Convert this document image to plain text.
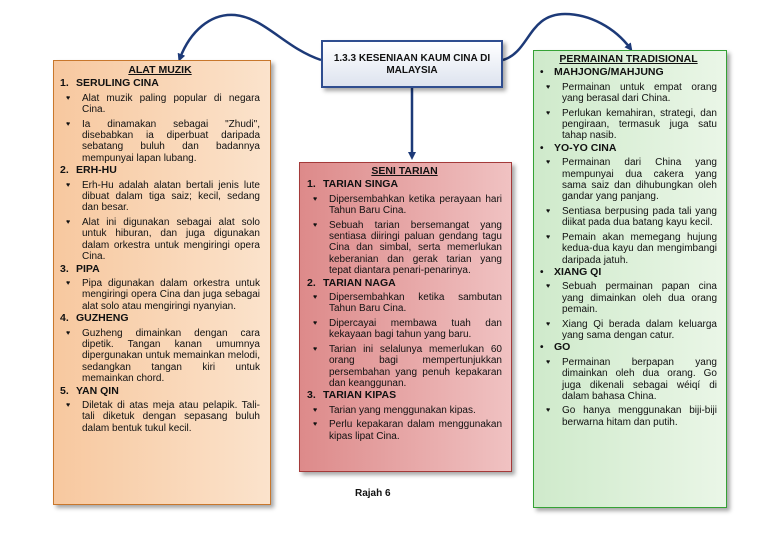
1.3.3 KESENIAAN KAUM CINA DI MALAYSIA
ALAT MUZIK
1. SERULING CINA
♥	Alat muzik paling popular di negara Cina.
♥	Ia dinamakan sebagai "Zhudi", disebabkan ia diperbuat daripada sebatang buluh dan badannya mempunyai lapan lubang.
2. ERH-HU
♥	Erh-Hu adalah alatan bertali jenis lute dibuat dalam tiga saiz; kecil, sedang dan besar.
♥	Alat ini digunakan sebagai alat solo untuk hiburan, dan juga digunakan dalam orkestra untuk mengiringi opera Cina.
3. PIPA
♥	Pipa digunakan dalam orkestra untuk mengiringi opera Cina dan juga sebagai alat solo atau mengiringi nyanyian.
4. GUZHENG
♥	Guzheng dimainkan dengan cara dipetik. Tangan kanan umumnya dipergunakan untuk memainkan melodi, sedangkan tangan kiri untuk memainkan chord.
5. YAN QIN
♥	Diletak di atas meja atau pelapik. Tali-tali diketuk dengan sepasang buluh dalam bentuk tukul kecil.
SENI TARIAN
1. TARIAN SINGA
♥	Dipersembahkan ketika perayaan hari Tahun Baru Cina.
♥	Sebuah tarian bersemangat yang sentiasa diiringi paluan gendang tagu Cina dan simbal, serta memerlukan keberanian dan gerak tarian yang tepat diantara penari-penarinya.
2. TARIAN NAGA
♥	Dipersembahkan ketika sambutan Tahun Baru Cina.
♥	Dipercayai membawa tuah dan kekayaan bagi tahun yang baru.
♥	Tarian ini selalunya memerlukan 60 orang bagi mempertunjukkan persembahan yang penuh kepakaran dan keanggunan.
3. TARIAN KIPAS
♥	Tarian yang menggunakan kipas.
♥	Perlu kepakaran dalam menggunakan kipas lipat Cina.
PERMAINAN TRADISIONAL
• MAHJONG/MAHJUNG
♥	Permainan untuk empat orang yang berasal dari China.
♥	Perlukan kemahiran, strategi, dan pengiraan, termasuk juga satu tahap nasib.
• YO-YO CINA
♥	Permainan dari China yang mempunyai dua cakera yang sama saiz dan dihubungkan oleh gandar yang panjang.
♥	Sentiasa berpusing pada tali yang diikat pada dua batang kayu kecil.
♥	Pemain akan memegang hujung kedua-dua kayu dan mengimbangi daripada jatuh.
• XIANG QI
♥	Sebuah permainan papan cina yang dimainkan oleh dua orang pemain.
♥	Xiang Qi berada dalam keluarga yang sama dengan catur.
• GO
♥	Permainan berpapan yang dimainkan oleh dua orang. Go juga dikenali sebagai wéiqí di dalam bahasa China.
♥	Go hanya menggunakan biji-biji berwarna hitam dan putih.
Rajah 6
